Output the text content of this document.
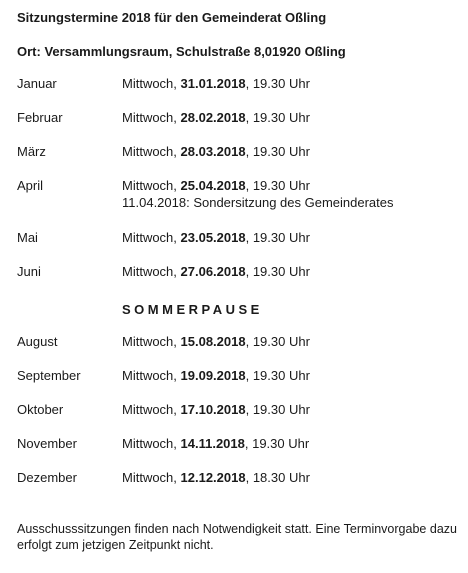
Sitzungstermine 2018 für den Gemeinderat Oßling
Ort: Versammlungsraum, Schulstraße 8,01920 Oßling
Januar	Mittwoch, 31.01.2018, 19.30 Uhr
Februar	Mittwoch, 28.02.2018, 19.30 Uhr
März	Mittwoch, 28.03.2018, 19.30 Uhr
April	Mittwoch, 25.04.2018, 19.30 Uhr
11.04.2018: Sondersitzung des Gemeinderates
Mai	Mittwoch, 23.05.2018, 19.30 Uhr
Juni	Mittwoch, 27.06.2018, 19.30 Uhr
SOMMERPAUSE
August	Mittwoch, 15.08.2018, 19.30 Uhr
September	Mittwoch, 19.09.2018, 19.30 Uhr
Oktober	Mittwoch, 17.10.2018, 19.30 Uhr
November	Mittwoch, 14.11.2018, 19.30 Uhr
Dezember	Mittwoch, 12.12.2018, 18.30 Uhr
Ausschusssitzungen finden nach Notwendigkeit statt. Eine Terminvorgabe dazu erfolgt zum jetzigen Zeitpunkt nicht.
